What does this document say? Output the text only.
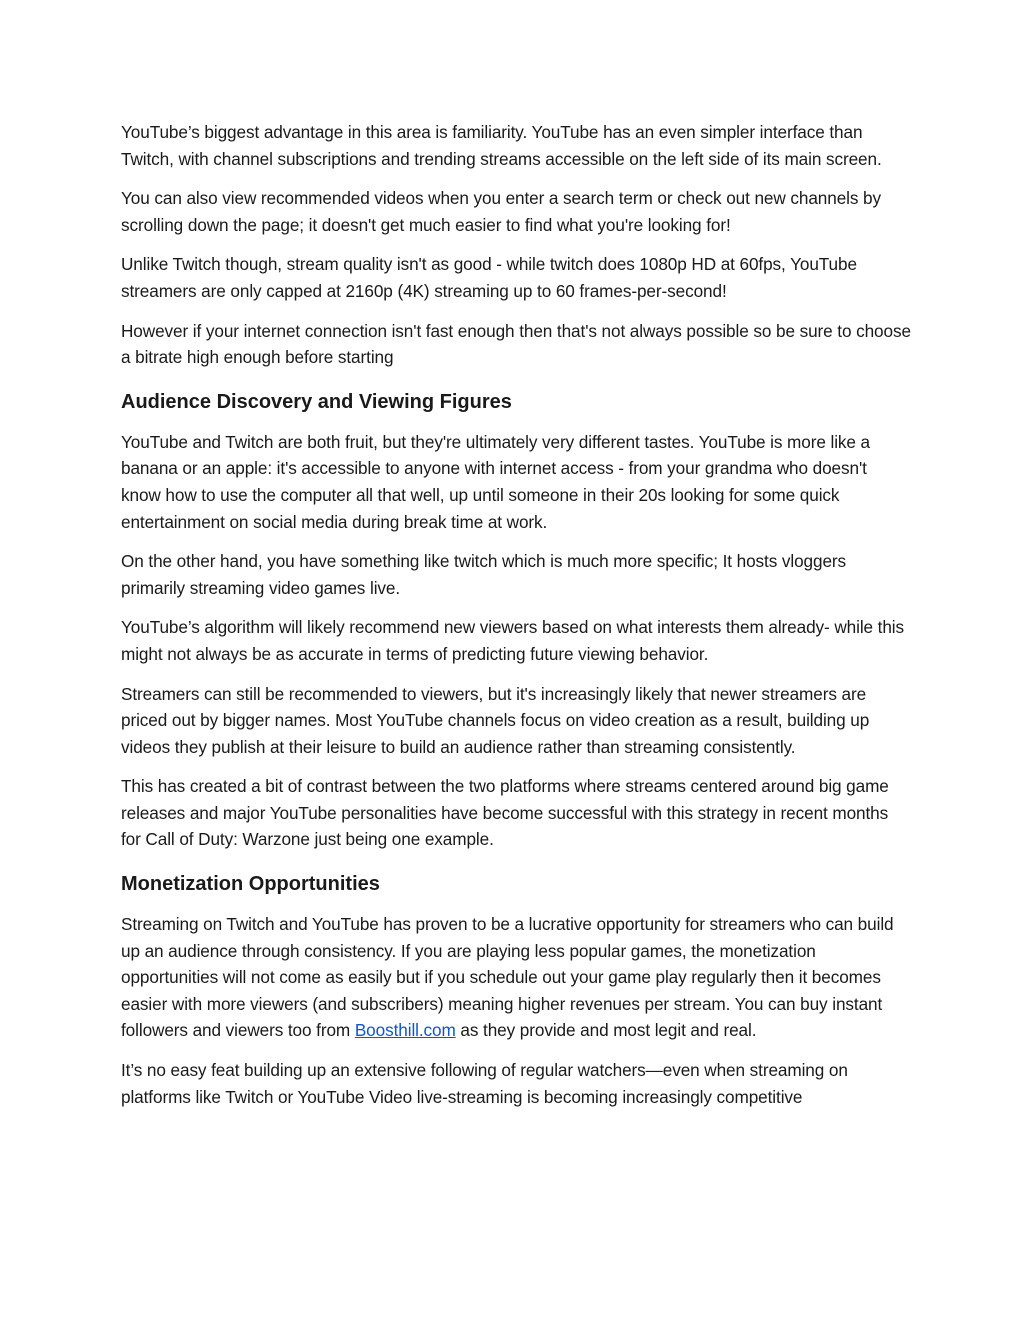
YouTube’s biggest advantage in this area is familiarity. YouTube has an even simpler interface than Twitch, with channel subscriptions and trending streams accessible on the left side of its main screen.

You can also view recommended videos when you enter a search term or check out new channels by scrolling down the page; it doesn't get much easier to find what you're looking for!

Unlike Twitch though, stream quality isn't as good - while twitch does 1080p HD at 60fps, YouTube streamers are only capped at 2160p (4K) streaming up to 60 frames-per-second!

However if your internet connection isn't fast enough then that's not always possible so be sure to choose a bitrate high enough before starting

Audience Discovery and Viewing Figures

YouTube and Twitch are both fruit, but they're ultimately very different tastes. YouTube is more like a banana or an apple: it's accessible to anyone with internet access - from your grandma who doesn't know how to use the computer all that well, up until someone in their 20s looking for some quick entertainment on social media during break time at work.

On the other hand, you have something like twitch which is much more specific; It hosts vloggers primarily streaming video games live.

YouTube’s algorithm will likely recommend new viewers based on what interests them already- while this might not always be as accurate in terms of predicting future viewing behavior.

Streamers can still be recommended to viewers, but it's increasingly likely that newer streamers are priced out by bigger names. Most YouTube channels focus on video creation as a result, building up videos they publish at their leisure to build an audience rather than streaming consistently.

This has created a bit of contrast between the two platforms where streams centered around big game releases and major YouTube personalities have become successful with this strategy in recent months for Call of Duty: Warzone just being one example.

Monetization Opportunities

Streaming on Twitch and YouTube has proven to be a lucrative opportunity for streamers who can build up an audience through consistency. If you are playing less popular games, the monetization opportunities will not come as easily but if you schedule out your game play regularly then it becomes easier with more viewers (and subscribers) meaning higher revenues per stream. You can buy instant followers and viewers too from Boosthill.com as they provide and most legit and real.

It’s no easy feat building up an extensive following of regular watchers—even when streaming on platforms like Twitch or YouTube Video live-streaming is becoming increasingly competitive
